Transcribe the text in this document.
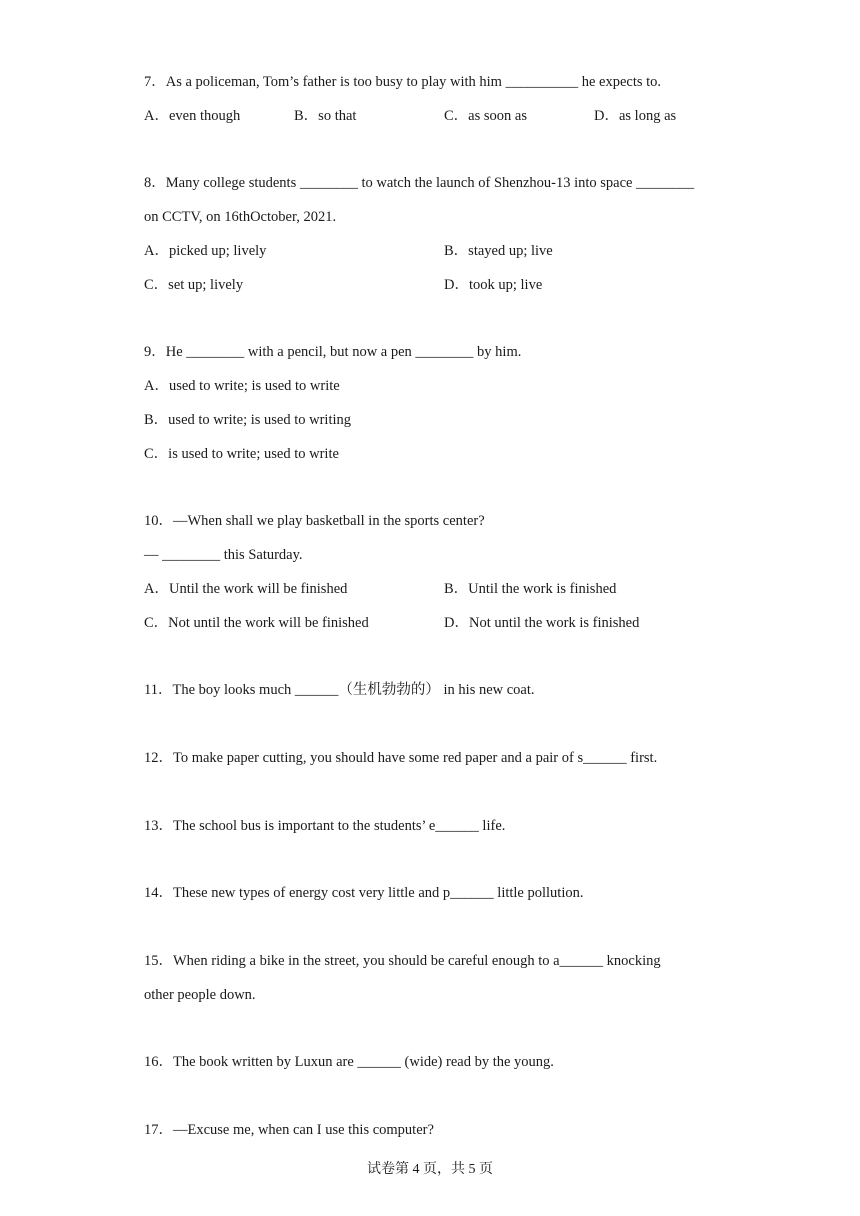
7．As a policeman, Tom’s father is too busy to play with him __________ he expects to.
A．even though	B．so that	C．as soon as	D．as long as
8．Many college students ________ to watch the launch of Shenzhou-13 into space ________
on CCTV, on 16thOctober, 2021.
A．picked up; lively	B．stayed up; live
C．set up; lively	D．took up; live
9．He ________ with a pencil, but now a pen ________ by him.
A．used to write; is used to write
B．used to write; is used to writing
C．is used to write; used to write
10．—When shall we play basketball in the sports center?
— ________ this Saturday.
A．Until the work will be finished	B．Until the work is finished
C．Not until the work will be finished	D．Not until the work is finished
11．The boy looks much ______（生机勃勃的） in his new coat.
12．To make paper cutting, you should have some red paper and a pair of s______ first.
13．The school bus is important to the students’ e______ life.
14．These new types of energy cost very little and p______ little pollution.
15．When riding a bike in the street, you should be careful enough to a______ knocking
other people down.
16．The book written by Luxun are ______ (wide) read by the young.
17．—Excuse me, when can I use this computer?
试卷第 4 页，共 5 页
